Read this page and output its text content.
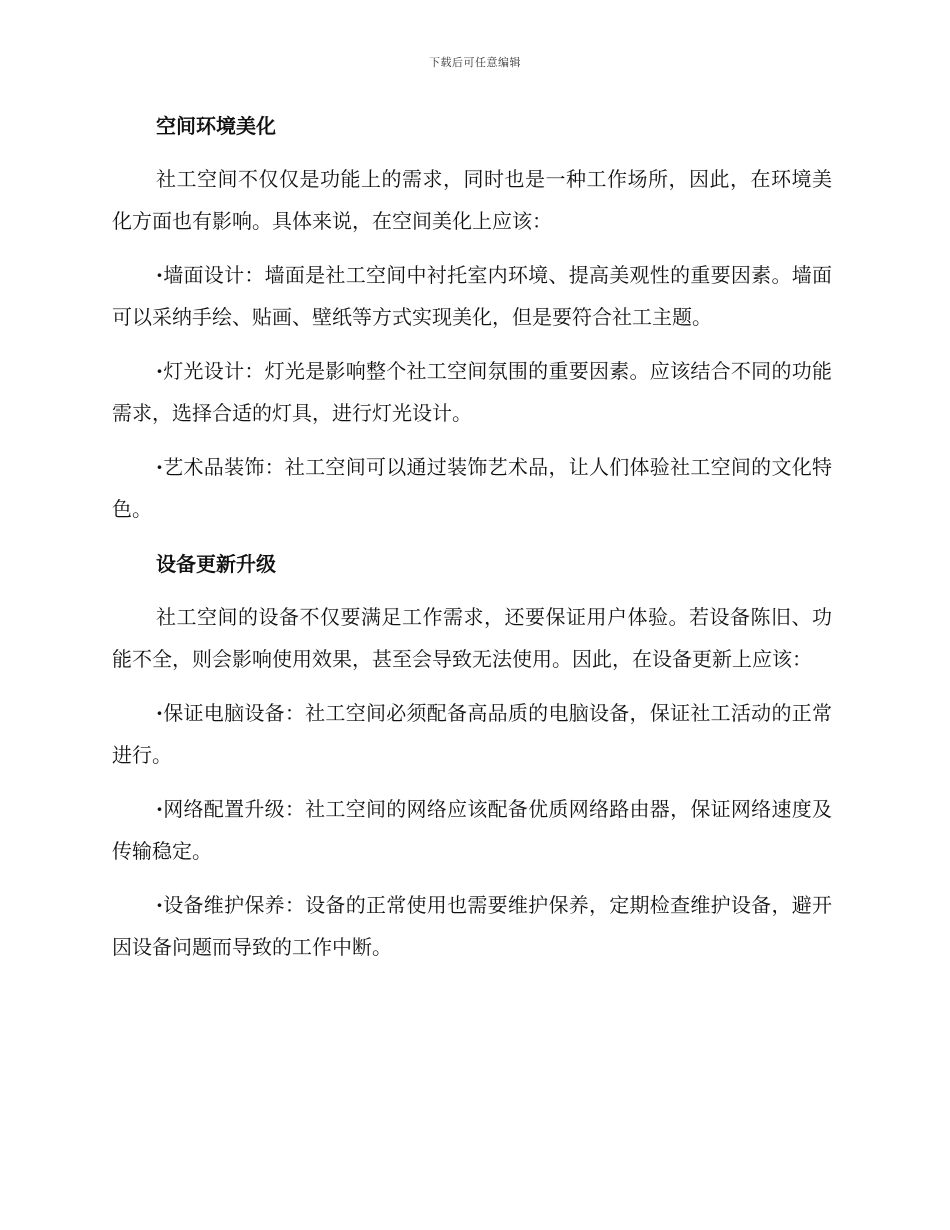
下载后可任意编辑
空间环境美化

社工空间不仅仅是功能上的需求，同时也是一种工作场所，因此，在环境美化方面也有影响。具体来说，在空间美化上应该：

·墙面设计：墙面是社工空间中衬托室内环境、提高美观性的重要因素。墙面可以采纳手绘、贴画、壁纸等方式实现美化，但是要符合社工主题。

·灯光设计：灯光是影响整个社工空间氛围的重要因素。应该结合不同的功能需求，选择合适的灯具，进行灯光设计。

·艺术品装饰：社工空间可以通过装饰艺术品，让人们体验社工空间的文化特色。

设备更新升级

社工空间的设备不仅要满足工作需求，还要保证用户体验。若设备陈旧、功能不全，则会影响使用效果，甚至会导致无法使用。因此，在设备更新上应该：

·保证电脑设备：社工空间必须配备高品质的电脑设备，保证社工活动的正常进行。

·网络配置升级：社工空间的网络应该配备优质网络路由器，保证网络速度及传输稳定。

·设备维护保养：设备的正常使用也需要维护保养，定期检查维护设备，避开因设备问题而导致的工作中断。
